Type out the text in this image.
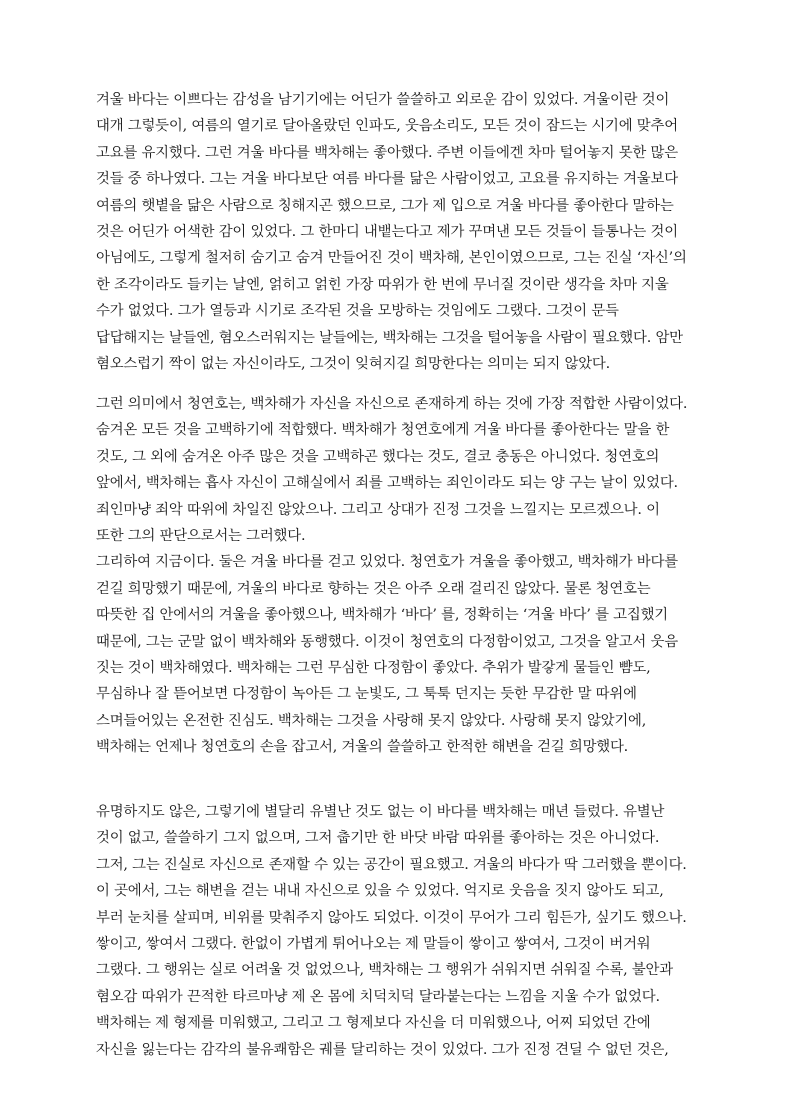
겨울 바다는 이쁘다는 감성을 남기기에는 어딘가 쓸쓸하고 외로운 감이 있었다. 겨울이란 것이
대개 그렇듯이, 여름의 열기로 달아올랐던 인파도, 웃음소리도, 모든 것이 잠드는 시기에 맞추어
고요를 유지했다. 그런 겨울 바다를 백차해는 좋아했다. 주변 이들에겐 차마 털어놓지 못한 많은
것들 중 하나였다. 그는 겨울 바다보단 여름 바다를 닮은 사람이었고, 고요를 유지하는 겨울보다
여름의 햇볕을 닮은 사람으로 칭해지곤 했으므로, 그가 제 입으로 겨울 바다를 좋아한다 말하는
것은 어딘가 어색한 감이 있었다. 그 한마디 내뱉는다고 제가 꾸며낸 모든 것들이 들통나는 것이
아님에도, 그렇게 철저히 숨기고 숨겨 만들어진 것이 백차해, 본인이였으므로, 그는 진실 ‘자신’의
한 조각이라도 들키는 날엔, 얽히고 얽힌 가장 따위가 한 번에 무너질 것이란 생각을 차마 지울
수가 없었다. 그가 열등과 시기로 조각된 것을 모방하는 것임에도 그랬다. 그것이 문득
답답해지는 날들엔, 혐오스러워지는 날들에는, 백차해는 그것을 털어놓을 사람이 필요했다. 암만
혐오스럽기 짝이 없는 자신이라도, 그것이 잊혀지길 희망한다는 의미는 되지 않았다.
그런 의미에서 청연호는, 백차해가 자신을 자신으로 존재하게 하는 것에 가장 적합한 사람이었다.
숨겨온 모든 것을 고백하기에 적합했다. 백차해가 청연호에게 겨울 바다를 좋아한다는 말을 한
것도, 그 외에 숨겨온 아주 많은 것을 고백하곤 했다는 것도, 결코 충동은 아니었다. 청연호의
앞에서, 백차해는 흡사 자신이 고해실에서 죄를 고백하는 죄인이라도 되는 양 구는 날이 있었다.
죄인마냥 죄악 따위에 차일진 않았으나. 그리고 상대가 진정 그것을 느낄지는 모르겠으나. 이
또한 그의 판단으로서는 그러했다.
그리하여 지금이다. 둘은 겨울 바다를 걷고 있었다. 청연호가 겨울을 좋아했고, 백차해가 바다를
걷길 희망했기 때문에, 겨울의 바다로 향하는 것은 아주 오래 걸리진 않았다. 물론 청연호는
따뜻한 집 안에서의 겨울을 좋아했으나, 백차해가 ‘바다’ 를, 정확히는 ‘겨울 바다’ 를 고집했기
때문에, 그는 군말 없이 백차해와 동행했다. 이것이 청연호의 다정함이었고, 그것을 알고서 웃음
짓는 것이 백차해였다. 백차해는 그런 무심한 다정함이 좋았다. 추위가 발갛게 물들인 뺨도,
무심하나 잘 뜯어보면 다정함이 녹아든 그 눈빛도, 그 툭툭 던지는 듯한 무감한 말 따위에
스며들어있는 온전한 진심도. 백차해는 그것을 사랑해 못지 않았다. 사랑해 못지 않았기에,
백차해는 언제나 청연호의 손을 잡고서, 겨울의 쓸쓸하고 한적한 해변을 걷길 희망했다.
유명하지도 않은, 그렇기에 별달리 유별난 것도 없는 이 바다를 백차해는 매년 들렀다. 유별난
것이 없고, 쓸쓸하기 그지 없으며, 그저 춥기만 한 바닷 바람 따위를 좋아하는 것은 아니었다.
그저, 그는 진실로 자신으로 존재할 수 있는 공간이 필요했고. 겨울의 바다가 딱 그러했을 뿐이다.
이 곳에서, 그는 해변을 걷는 내내 자신으로 있을 수 있었다. 억지로 웃음을 짓지 않아도 되고,
부러 눈치를 살피며, 비위를 맞춰주지 않아도 되었다. 이것이 무어가 그리 힘든가, 싶기도 했으나.
쌓이고, 쌓여서 그랬다. 한없이 가볍게 튀어나오는 제 말들이 쌓이고 쌓여서, 그것이 버거워
그랬다. 그 행위는 실로 어려울 것 없었으나, 백차해는 그 행위가 쉬워지면 쉬워질 수록, 불안과
혐오감 따위가 끈적한 타르마냥 제 온 몸에 치덕치덕 달라붙는다는 느낌을 지울 수가 없었다.
백차해는 제 형제를 미워했고, 그리고 그 형제보다 자신을 더 미워했으나, 어찌 되었던 간에
자신을 잃는다는 감각의 불유쾌함은 궤를 달리하는 것이 있었다. 그가 진정 견딜 수 없던 것은,
